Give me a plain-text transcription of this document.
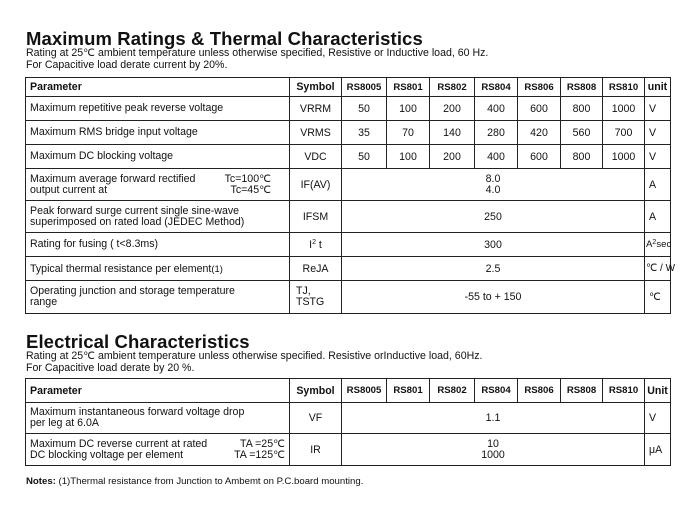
Maximum Ratings & Thermal Characteristics

Rating at 25℃ ambient temperature unless otherwise specified, Resistive or Inductive load, 60 Hz.

For Capacitive load derate current by 20%.

Parameter	Symbol	RS8005	RS801	RS802	RS804	RS806	RS808	RS810	unit
Maximum repetitive peak reverse voltage	VRRM	50	100	200	400	600	800	1000	V
Maximum RMS bridge input voltage	VRMS	35	70	140	280	420	560	700	V
Maximum DC blocking voltage	VDC	50	100	200	400	600	800	1000	V

Maximum average forward rectified Tc=100℃
output current at Tc=45℃	IF(AV)	8.0
4.0							A

Peak forward surge current single sine-wave
superimposed on rated load (JEDEC Method)	IFSM	250							A
Rating for fusing ( t<8.3ms)	$I^2$ t	300							$A^2\sec$
Typical thermal resistance per element(1)	ReJA	2.5							℃ / W

Operating junction and storage temperature
range	TJ,
TSTG	-55 to + 150							℃
Electrical Characteristics

Rating at 25℃ ambient temperature unless otherwise specified. Resistive orInductive load, 60Hz.

For Capacitive load derate by 20 %.

Parameter	Symbol	RS8005	RS801	RS802	RS804	RS806	RS808	RS810	Unit

Maximum instantaneous forward voltage drop
per leg at 6.0A	VF	1.1							V

Maximum DC reverse current at rated TA =25℃
DC blocking voltage per element TA =125℃	IR	10
1000							μA

Notes: (1)Thermal resistance from Junction to Ambemt on P.C.board mounting.
